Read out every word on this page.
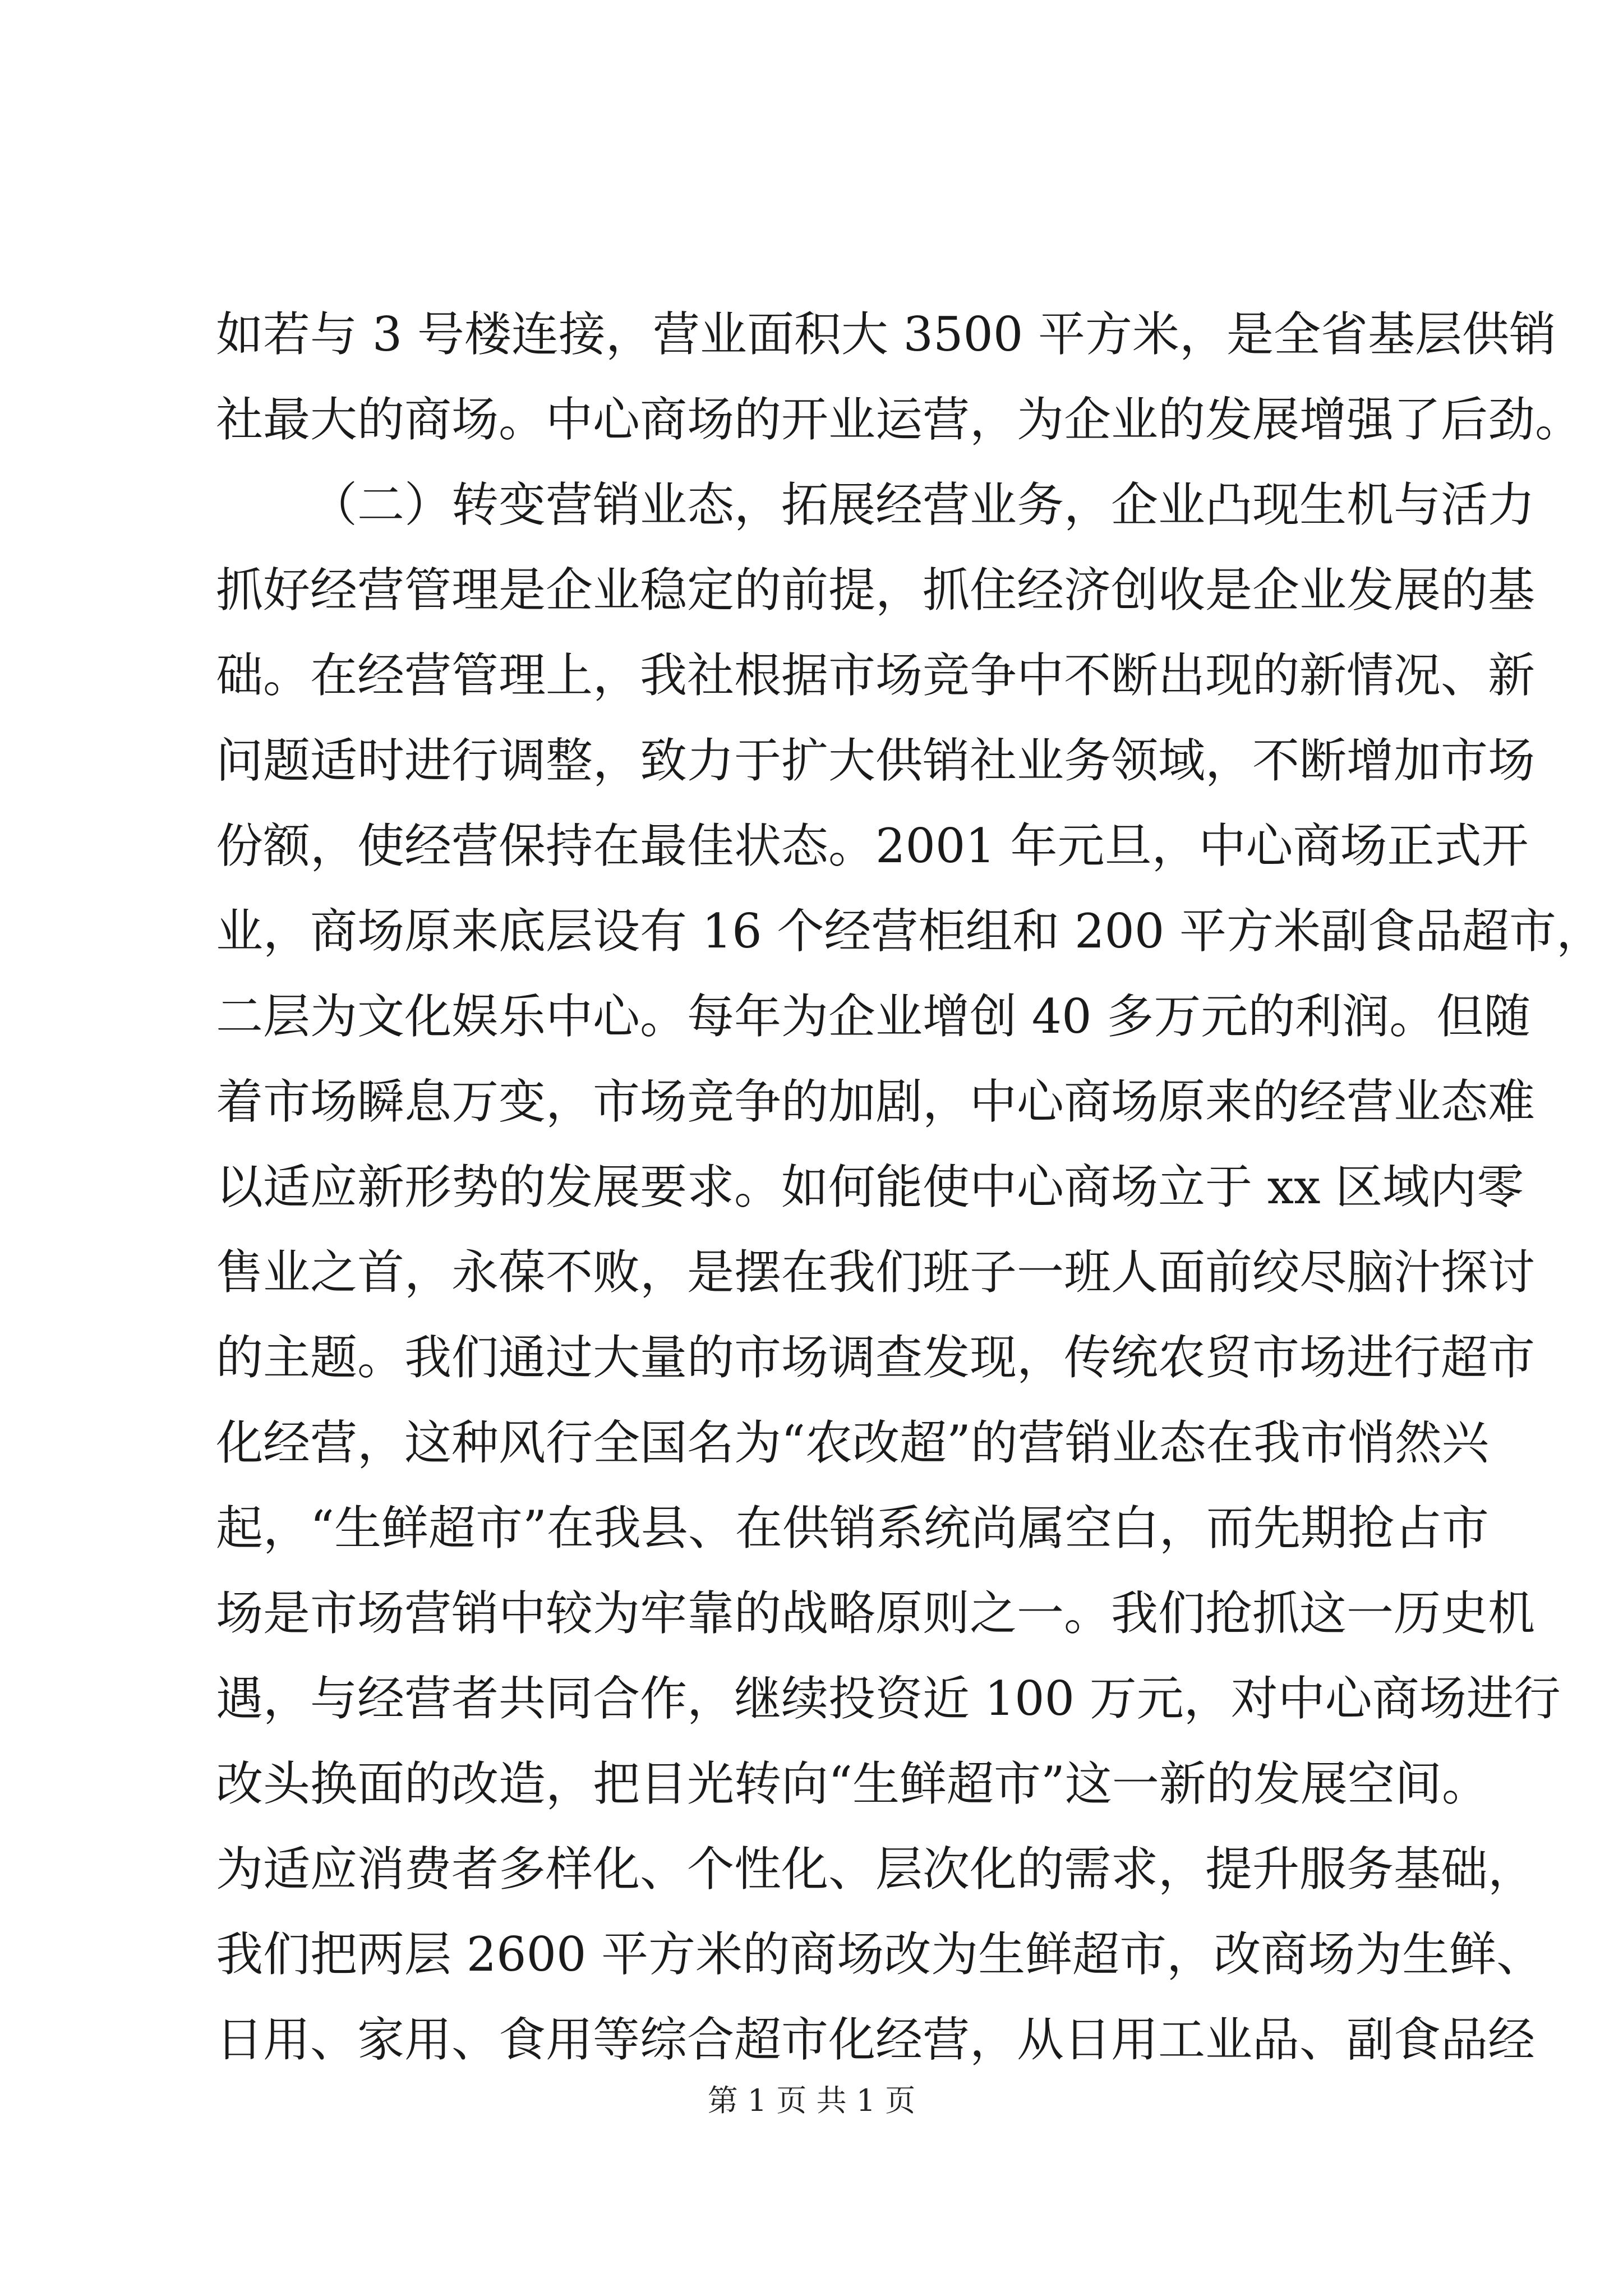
如若与 3 号楼连接，营业面积大 3500 平方米，是全省基层供销
社最大的商场。中心商场的开业运营，为企业的发展增强了后劲。
（二）转变营销业态，拓展经营业务，企业凸现生机与活力
抓好经营管理是企业稳定的前提，抓住经济创收是企业发展的基
础。在经营管理上，我社根据市场竞争中不断出现的新情况、新
问题适时进行调整，致力于扩大供销社业务领域，不断增加市场
份额，使经营保持在最佳状态。2001 年元旦，中心商场正式开
业，商场原来底层设有 16 个经营柜组和 200 平方米副食品超市，
二层为文化娱乐中心。每年为企业增创 40 多万元的利润。但随
着市场瞬息万变，市场竞争的加剧，中心商场原来的经营业态难
以适应新形势的发展要求。如何能使中心商场立于 xx 区域内零
售业之首，永葆不败，是摆在我们班子一班人面前绞尽脑汁探讨
的主题。我们通过大量的市场调查发现，传统农贸市场进行超市
化经营，这种风行全国名为“农改超”的营销业态在我市悄然兴
起，“生鲜超市”在我县、在供销系统尚属空白，而先期抢占市
场是市场营销中较为牢靠的战略原则之一。我们抢抓这一历史机
遇，与经营者共同合作，继续投资近 100 万元，对中心商场进行
改头换面的改造，把目光转向“生鲜超市”这一新的发展空间。
为适应消费者多样化、个性化、层次化的需求，提升服务基础，
我们把两层 2600 平方米的商场改为生鲜超市，改商场为生鲜、
日用、家用、食用等综合超市化经营，从日用工业品、副食品经
第 1 页 共 1 页
